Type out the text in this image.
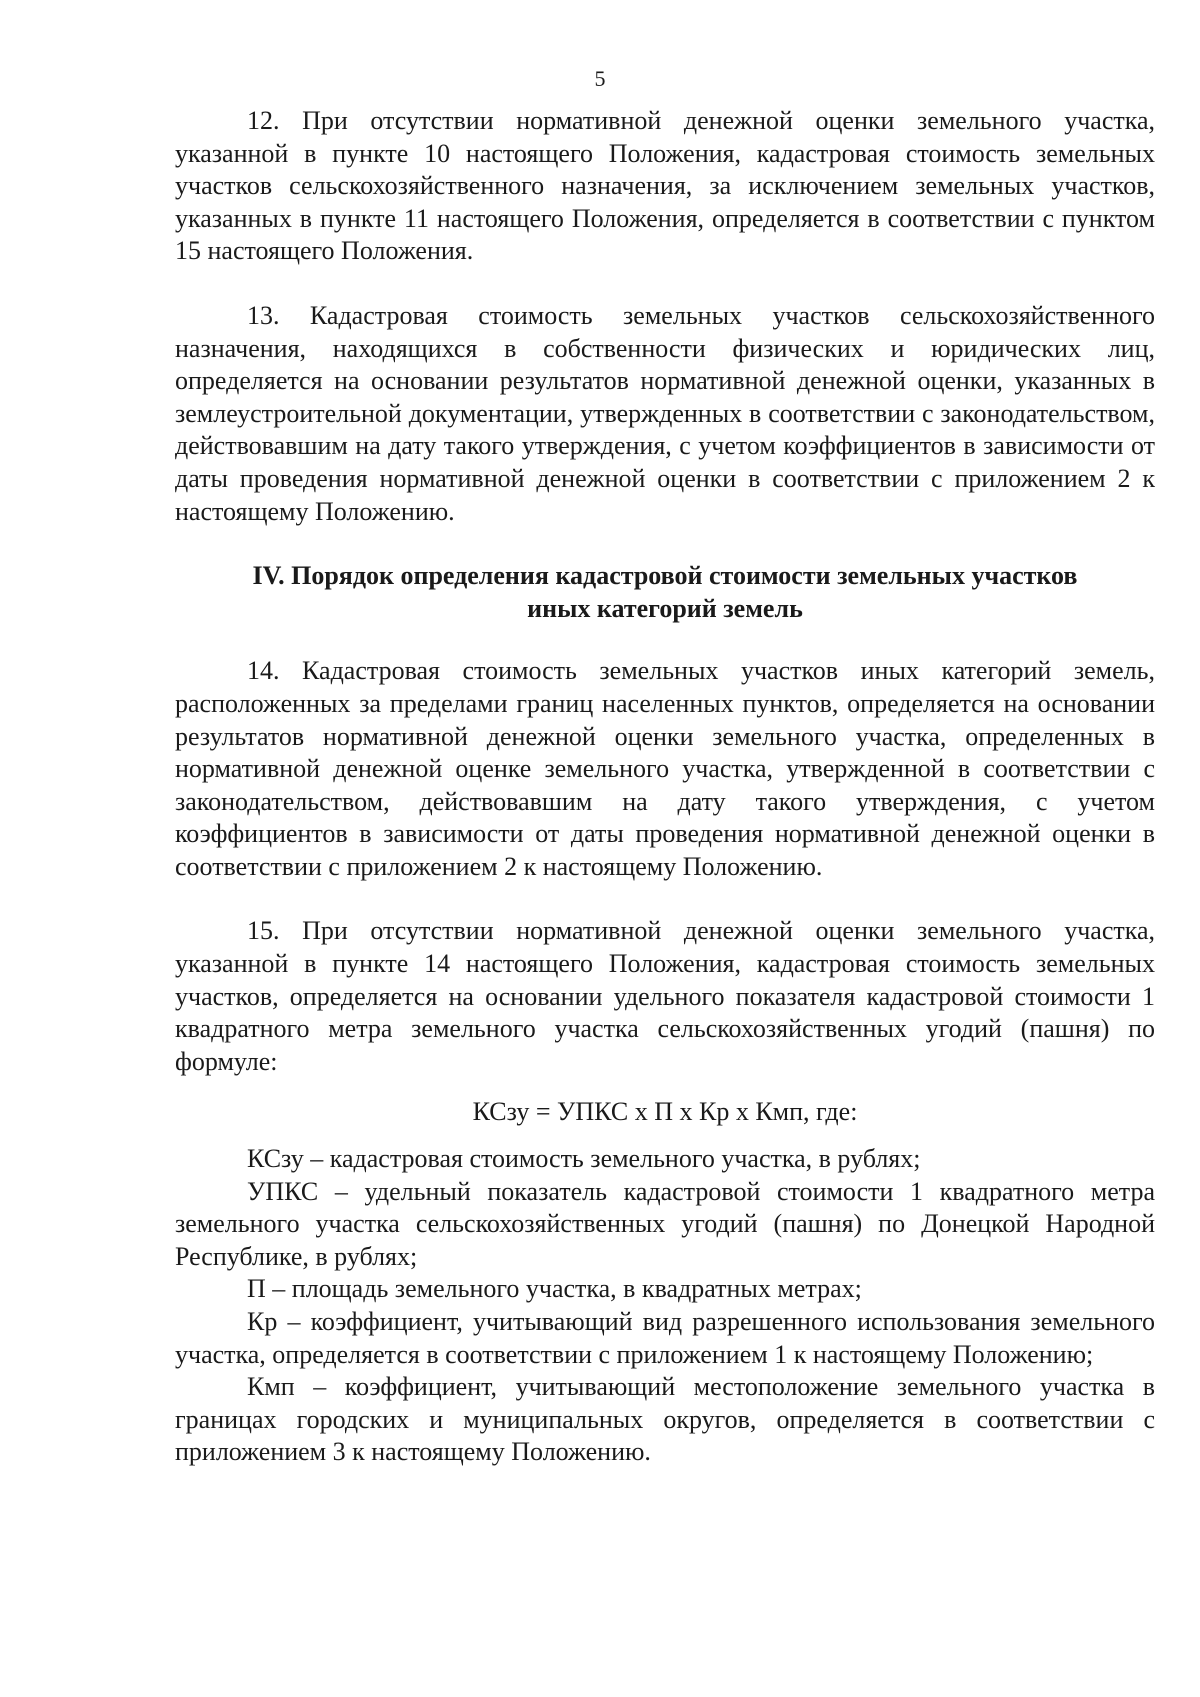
5

12. При отсутствии нормативной денежной оценки земельного участка, указанной в пункте 10 настоящего Положения, кадастровая стоимость земельных участков сельскохозяйственного назначения, за исключением земельных участков, указанных в пункте 11 настоящего Положения, определяется в соответствии с пунктом 15 настоящего Положения.

13. Кадастровая стоимость земельных участков сельскохозяйственного назначения, находящихся в собственности физических и юридических лиц, определяется на основании результатов нормативной денежной оценки, указанных в землеустроительной документации, утвержденных в соответствии с законодательством, действовавшим на дату такого утверждения, с учетом коэффициентов в зависимости от даты проведения нормативной денежной оценки в соответствии с приложением 2 к настоящему Положению.

IV. Порядок определения кадастровой стоимости земельных участков
иных категорий земель

14. Кадастровая стоимость земельных участков иных категорий земель, расположенных за пределами границ населенных пунктов, определяется на основании результатов нормативной денежной оценки земельного участка, определенных в нормативной денежной оценке земельного участка, утвержденной в соответствии с законодательством, действовавшим на дату такого утверждения, с учетом коэффициентов в зависимости от даты проведения нормативной денежной оценки в соответствии с приложением 2 к настоящему Положению.

15. При отсутствии нормативной денежной оценки земельного участка, указанной в пункте 14 настоящего Положения, кадастровая стоимость земельных участков, определяется на основании удельного показателя кадастровой стоимости 1 квадратного метра земельного участка сельскохозяйственных угодий (пашня) по формуле:

КСзу = УПКС х П х Кр х Кмп, где:

КСзу – кадастровая стоимость земельного участка, в рублях;

УПКС – удельный показатель кадастровой стоимости 1 квадратного метра земельного участка сельскохозяйственных угодий (пашня) по Донецкой Народной Республике, в рублях;

П – площадь земельного участка, в квадратных метрах;

Кр – коэффициент, учитывающий вид разрешенного использования земельного участка, определяется в соответствии с приложением 1 к настоящему Положению;

Кмп – коэффициент, учитывающий местоположение земельного участка в границах городских и муниципальных округов, определяется в соответствии с приложением 3 к настоящему Положению.
